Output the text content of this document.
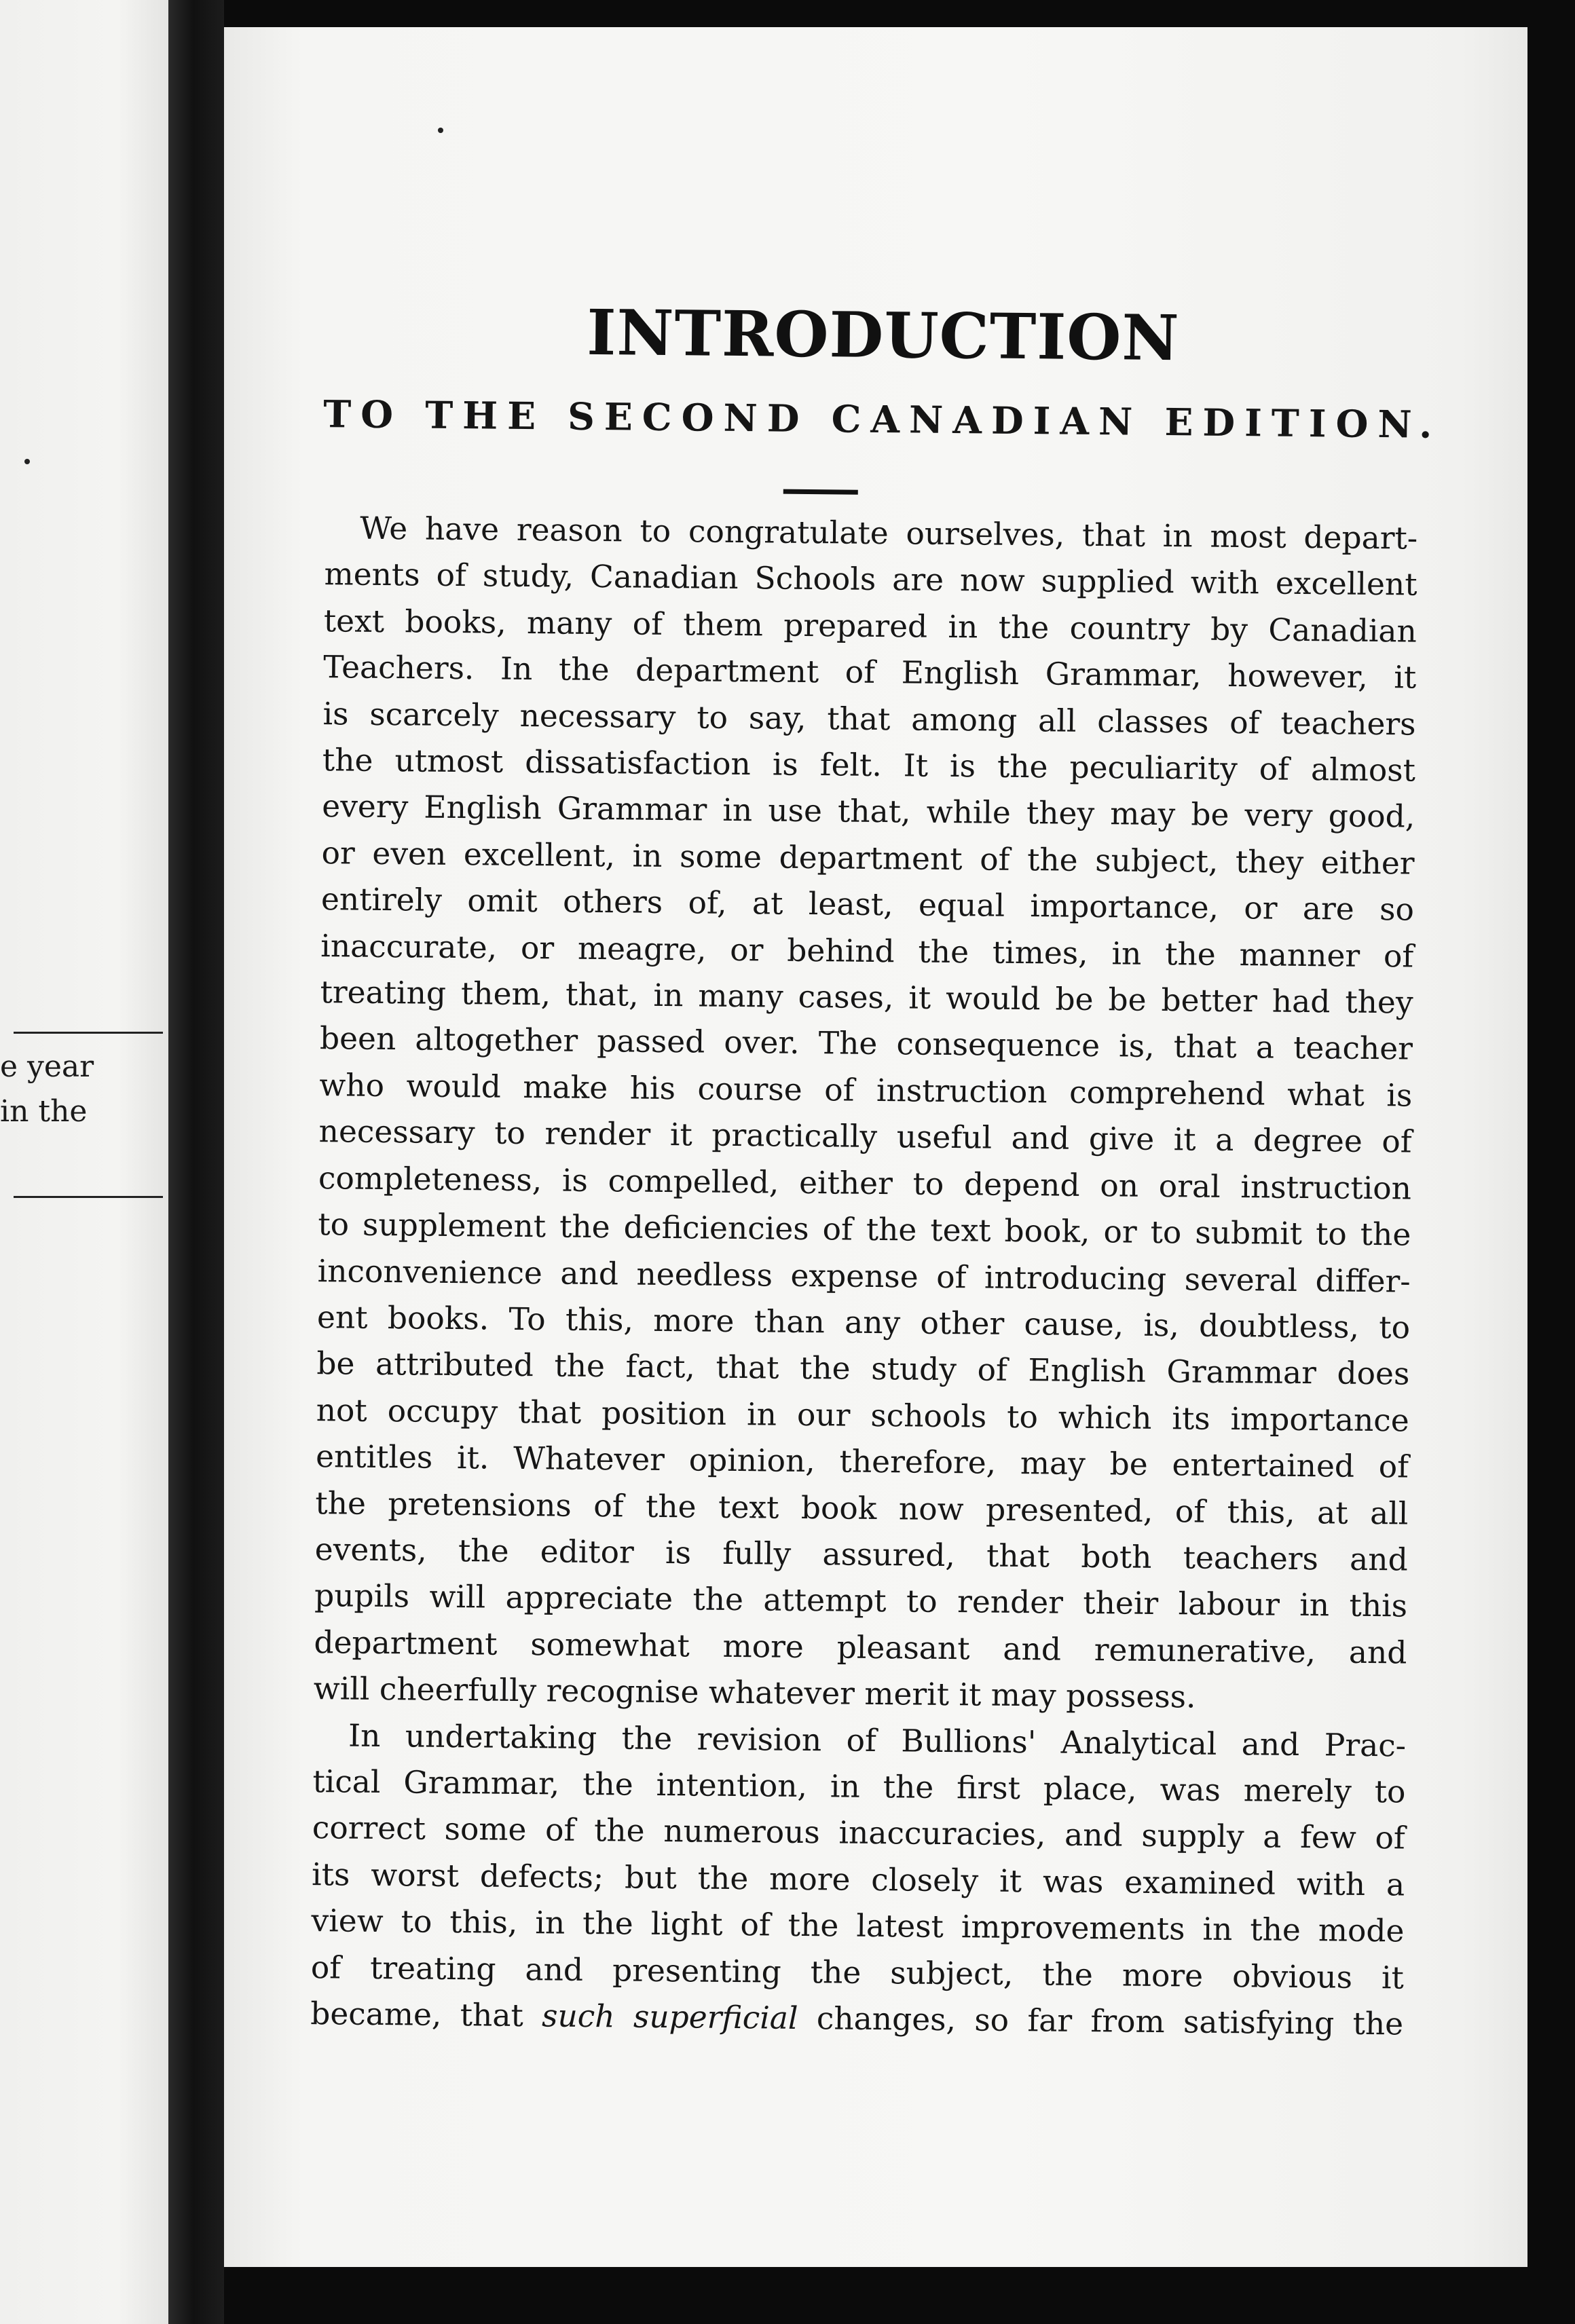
e year
in the
INTRODUCTION
TO THE SECOND CANADIAN EDITION.

We have reason to congratulate ourselves, that in most depart-
ments of study, Canadian Schools are now supplied with excellent
text books, many of them prepared in the country by Canadian
Teachers. In the department of English Grammar, however, it
is scarcely necessary to say, that among all classes of teachers
the utmost dissatisfaction is felt. It is the peculiarity of almost
every English Grammar in use that, while they may be very good,
or even excellent, in some department of the subject, they either
entirely omit others of, at least, equal importance, or are so
inaccurate, or meagre, or behind the times, in the manner of
treating them, that, in many cases, it would be be better had they
been altogether passed over. The consequence is, that a teacher
who would make his course of instruction comprehend what is
necessary to render it practically useful and give it a degree of
completeness, is compelled, either to depend on oral instruction
to supplement the deficiencies of the text book, or to submit to the
inconvenience and needless expense of introducing several differ-
ent books. To this, more than any other cause, is, doubtless, to
be attributed the fact, that the study of English Grammar does
not occupy that position in our schools to which its importance
entitles it. Whatever opinion, therefore, may be entertained of
the pretensions of the text book now presented, of this, at all
events, the editor is fully assured, that both teachers and
pupils will appreciate the attempt to render their labour in this
department somewhat more pleasant and remunerative, and
will cheerfully recognise whatever merit it may possess.

In undertaking the revision of Bullions' Analytical and Prac-
tical Grammar, the intention, in the first place, was merely to
correct some of the numerous inaccuracies, and supply a few of
its worst defects; but the more closely it was examined with a
view to this, in the light of the latest improvements in the mode
of treating and presenting the subject, the more obvious it
became, that such superficial changes, so far from satisfying the
